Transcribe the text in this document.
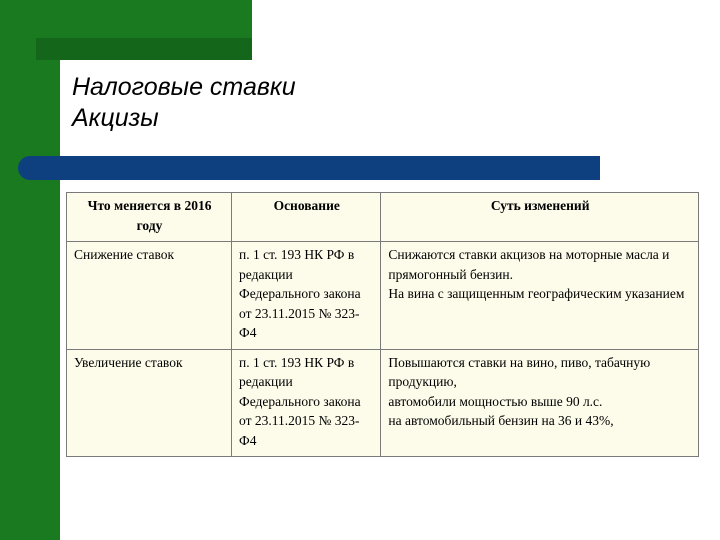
Налоговые ставки
Акцизы
Что меняется в 2016 году	Основание	Суть изменений
Снижение ставок	п. 1 ст. 193 НК РФ в редакции Федерального закона от 23.11.2015 № 323-Ф4	Снижаются ставки акцизов на моторные масла и прямогонный бензин.
На вина с защищенным географическим указанием

Увеличение ставок	п. 1 ст. 193 НК РФ в редакции Федерального закона от 23.11.2015 № 323-Ф4	Повышаются ставки на вино, пиво, табачную продукцию,
автомобили мощностью выше 90 л.с.
на автомобильный бензин на 36 и 43%,
